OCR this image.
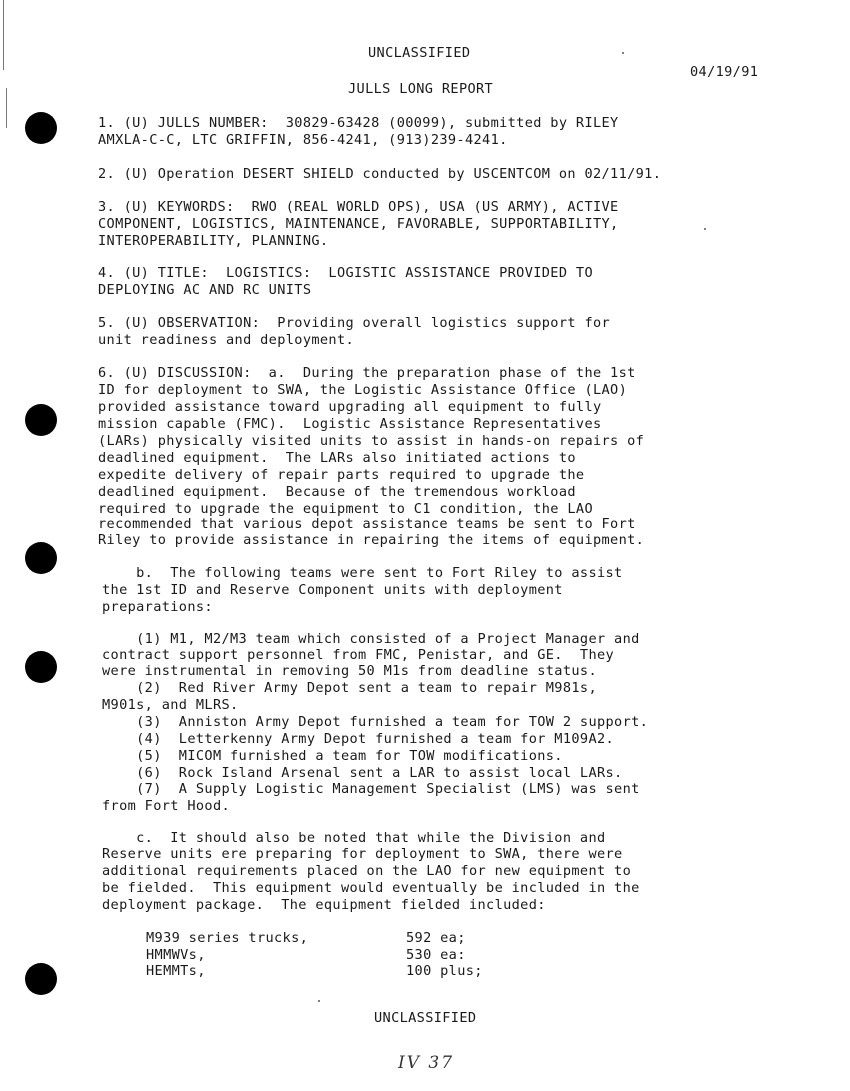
UNCLASSIFIED
04/19/91
JULLS LONG REPORT
1. (U) JULLS NUMBER:  30829-63428 (00099), submitted by RILEY
AMXLA-C-C, LTC GRIFFIN, 856-4241, (913)239-4241.
2. (U) Operation DESERT SHIELD conducted by USCENTCOM on 02/11/91.
3. (U) KEYWORDS:  RWO (REAL WORLD OPS), USA (US ARMY), ACTIVE
COMPONENT, LOGISTICS, MAINTENANCE, FAVORABLE, SUPPORTABILITY,
INTEROPERABILITY, PLANNING.
4. (U) TITLE:  LOGISTICS:  LOGISTIC ASSISTANCE PROVIDED TO
DEPLOYING AC AND RC UNITS
5. (U) OBSERVATION:  Providing overall logistics support for
unit readiness and deployment.
6. (U) DISCUSSION:  a.  During the preparation phase of the 1st
ID for deployment to SWA, the Logistic Assistance Office (LAO)
provided assistance toward upgrading all equipment to fully
mission capable (FMC).  Logistic Assistance Representatives
(LARs) physically visited units to assist in hands-on repairs of
deadlined equipment.  The LARs also initiated actions to
expedite delivery of repair parts required to upgrade the
deadlined equipment.  Because of the tremendous workload
required to upgrade the equipment to C1 condition, the LAO
recommended that various depot assistance teams be sent to Fort
Riley to provide assistance in repairing the items of equipment.
b.  The following teams were sent to Fort Riley to assist
the 1st ID and Reserve Component units with deployment
preparations:
(1) M1, M2/M3 team which consisted of a Project Manager and
contract support personnel from FMC, Penistar, and GE.  They
were instrumental in removing 50 M1s from deadline status.
(2)  Red River Army Depot sent a team to repair M981s,
M901s, and MLRS.
(3)  Anniston Army Depot furnished a team for TOW 2 support.
(4)  Letterkenny Army Depot furnished a team for M109A2.
(5)  MICOM furnished a team for TOW modifications.
(6)  Rock Island Arsenal sent a LAR to assist local LARs.
(7)  A Supply Logistic Management Specialist (LMS) was sent
from Fort Hood.
c.  It should also be noted that while the Division and
Reserve units ere preparing for deployment to SWA, there were
additional requirements placed on the LAO for new equipment to
be fielded.  This equipment would eventually be included in the
deployment package.  The equipment fielded included:
M939 series trucks,	592 ea;
HMMWVs,	530 ea:
HEMMTs,	100 plus;
UNCLASSIFIED
IV 37
